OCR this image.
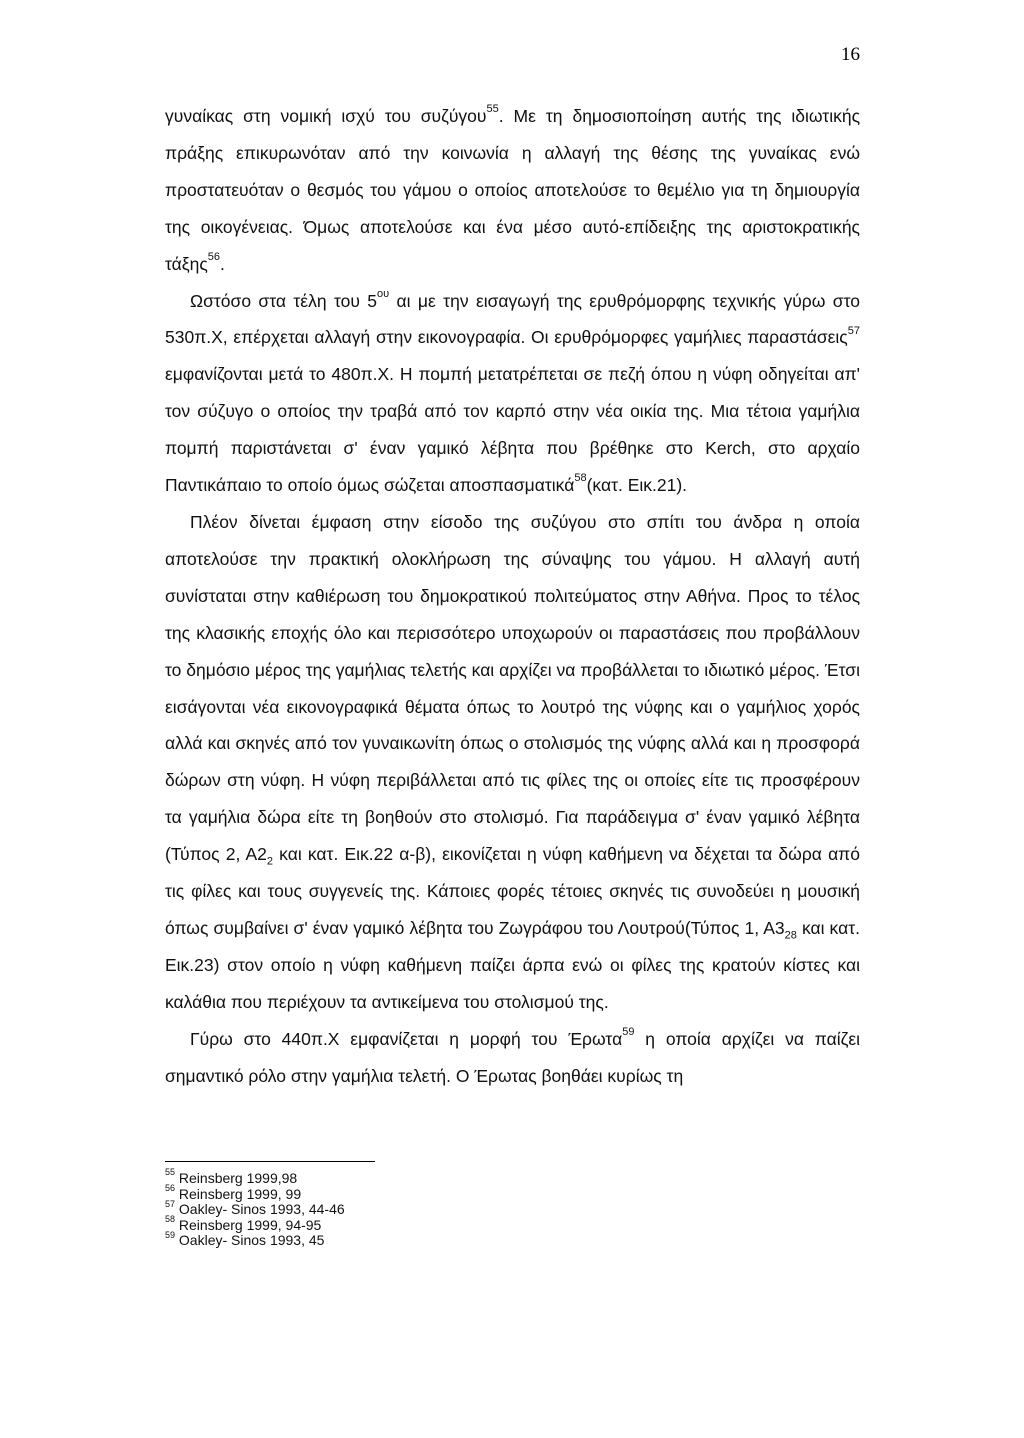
16

γυναίκας στη νομική ισχύ του συζύγου$^{55}$. Με τη δημοσιοποίηση αυτής της ιδιωτικής πράξης επικυρωνόταν από την κοινωνία η αλλαγή της θέσης της γυναίκας ενώ προστατευόταν ο θεσμός του γάμου ο οποίος αποτελούσε το θεμέλιο για τη δημιουργία της οικογένειας. Όμως αποτελούσε και ένα μέσο αυτό-επίδειξης της αριστοκρατικής τάξης$^{56}$.

Ωστόσο στα τέλη του $5^{o\upsilon}$ αι με την εισαγωγή της ερυθρόμορφης τεχνικής γύρω στο 530π.Χ, επέρχεται αλλαγή στην εικονογραφία. Οι ερυθρόμορφες γαμήλιες παραστάσεις$^{57}$ εμφανίζονται μετά το 480π.Χ. Η πομπή μετατρέπεται σε πεζή όπου η νύφη οδηγείται απ' τον σύζυγο ο οποίος την τραβά από τον καρπό στην νέα οικία της. Μια τέτοια γαμήλια πομπή παριστάνεται σ' έναν γαμικό λέβητα που βρέθηκε στο Kerch, στο αρχαίο Παντικάπαιο το οποίο όμως σώζεται αποσπασματικά$^{58}$(κατ. Εικ.21).

Πλέον δίνεται έμφαση στην είσοδο της συζύγου στο σπίτι του άνδρα η οποία αποτελούσε την πρακτική ολοκλήρωση της σύναψης του γάμου. Η αλλαγή αυτή συνίσταται στην καθιέρωση του δημοκρατικού πολιτεύματος στην Αθήνα. Προς το τέλος της κλασικής εποχής όλο και περισσότερο υποχωρούν οι παραστάσεις που προβάλλουν το δημόσιο μέρος της γαμήλιας τελετής και αρχίζει να προβάλλεται το ιδιωτικό μέρος. Έτσι εισάγονται νέα εικονογραφικά θέματα όπως το λουτρό της νύφης και ο γαμήλιος χορός αλλά και σκηνές από τον γυναικωνίτη όπως ο στολισμός της νύφης αλλά και η προσφορά δώρων στη νύφη. Η νύφη περιβάλλεται από τις φίλες της οι οποίες είτε τις προσφέρουν τα γαμήλια δώρα είτε τη βοηθούν στο στολισμό. Για παράδειγμα σ' έναν γαμικό λέβητα (Τύπος 2, $A2_2$ και κατ. Εικ.22 α-β), εικονίζεται η νύφη καθήμενη να δέχεται τα δώρα από τις φίλες και τους συγγενείς της. Κάποιες φορές τέτοιες σκηνές τις συνοδεύει η μουσική όπως συμβαίνει σ' έναν γαμικό λέβητα του Ζωγράφου του Λουτρού(Τύπος 1, $A3_{28}$ και κατ. Εικ.23) στον οποίο η νύφη καθήμενη παίζει άρπα ενώ οι φίλες της κρατούν κίστες και καλάθια που περιέχουν τα αντικείμενα του στολισμού της.

Γύρω στο 440π.Χ εμφανίζεται η μορφή του Έρωτα$^{59}$ η οποία αρχίζει να παίζει σημαντικό ρόλο στην γαμήλια τελετή. Ο Έρωτας βοηθάει κυρίως τη

$^{55}$ Reinsberg 1999,98
$^{56}$ Reinsberg 1999, 99
$^{57}$ Oakley- Sinos 1993, 44-46
$^{58}$ Reinsberg 1999, 94-95
$^{59}$ Oakley- Sinos 1993, 45
